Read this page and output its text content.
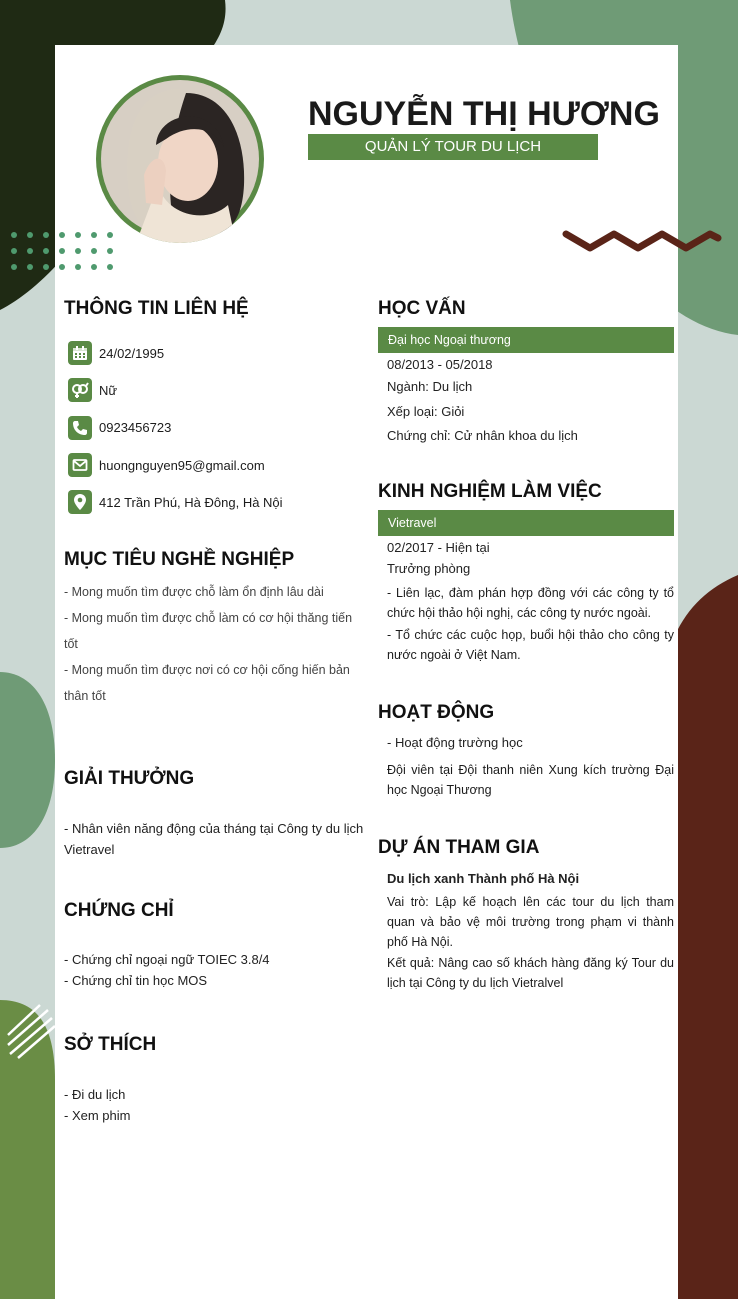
NGUYỄN THỊ HƯƠNG
QUẢN LÝ TOUR DU LỊCH
THÔNG TIN LIÊN HỆ
24/02/1995
Nữ
0923456723
huongnguyen95@gmail.com
412 Trần Phú, Hà Đông, Hà Nội
MỤC TIÊU NGHỀ NGHIỆP
- Mong muốn tìm được chỗ làm ổn định lâu dài
- Mong muốn tìm được chỗ làm có cơ hội thăng tiến
tốt
- Mong muốn tìm được nơi có cơ hội cống hiến bản
thân tốt
GIẢI THƯỞNG
- Nhân viên năng động của tháng tại Công ty du lịch
Vietravel
CHỨNG CHỈ
- Chứng chỉ ngoại ngữ TOIEC 3.8/4
- Chứng chỉ tin học MOS
SỞ THÍCH
- Đi du lịch
- Xem phim
HỌC VẤN
Đại học Ngoại thương
08/2013 - 05/2018
Ngành: Du lịch
Xếp loại: Giỏi
Chứng chỉ: Cử nhân khoa du lịch
KINH NGHIỆM LÀM VIỆC
Vietravel
02/2017 - Hiện tại
Trưởng phòng
- Liên lạc, đàm phán hợp đồng với các công ty tổ chức hội thảo hội nghị, các công ty nước ngoài.
- Tổ chức các cuộc họp, buổi hội thảo cho công ty nước ngoài ở Việt Nam.
HOẠT ĐỘNG
- Hoạt động trường học
Đội viên tại Đội thanh niên Xung kích trường Đại học Ngoại Thương
DỰ ÁN THAM GIA
Du lịch xanh Thành phố Hà Nội
Vai trò: Lập kế hoạch lên các tour du lịch tham quan và bảo vệ môi trường trong phạm vi thành phố Hà Nội.
Kết quả: Nâng cao số khách hàng đăng ký Tour du lịch tại Công ty du lịch Vietralvel
